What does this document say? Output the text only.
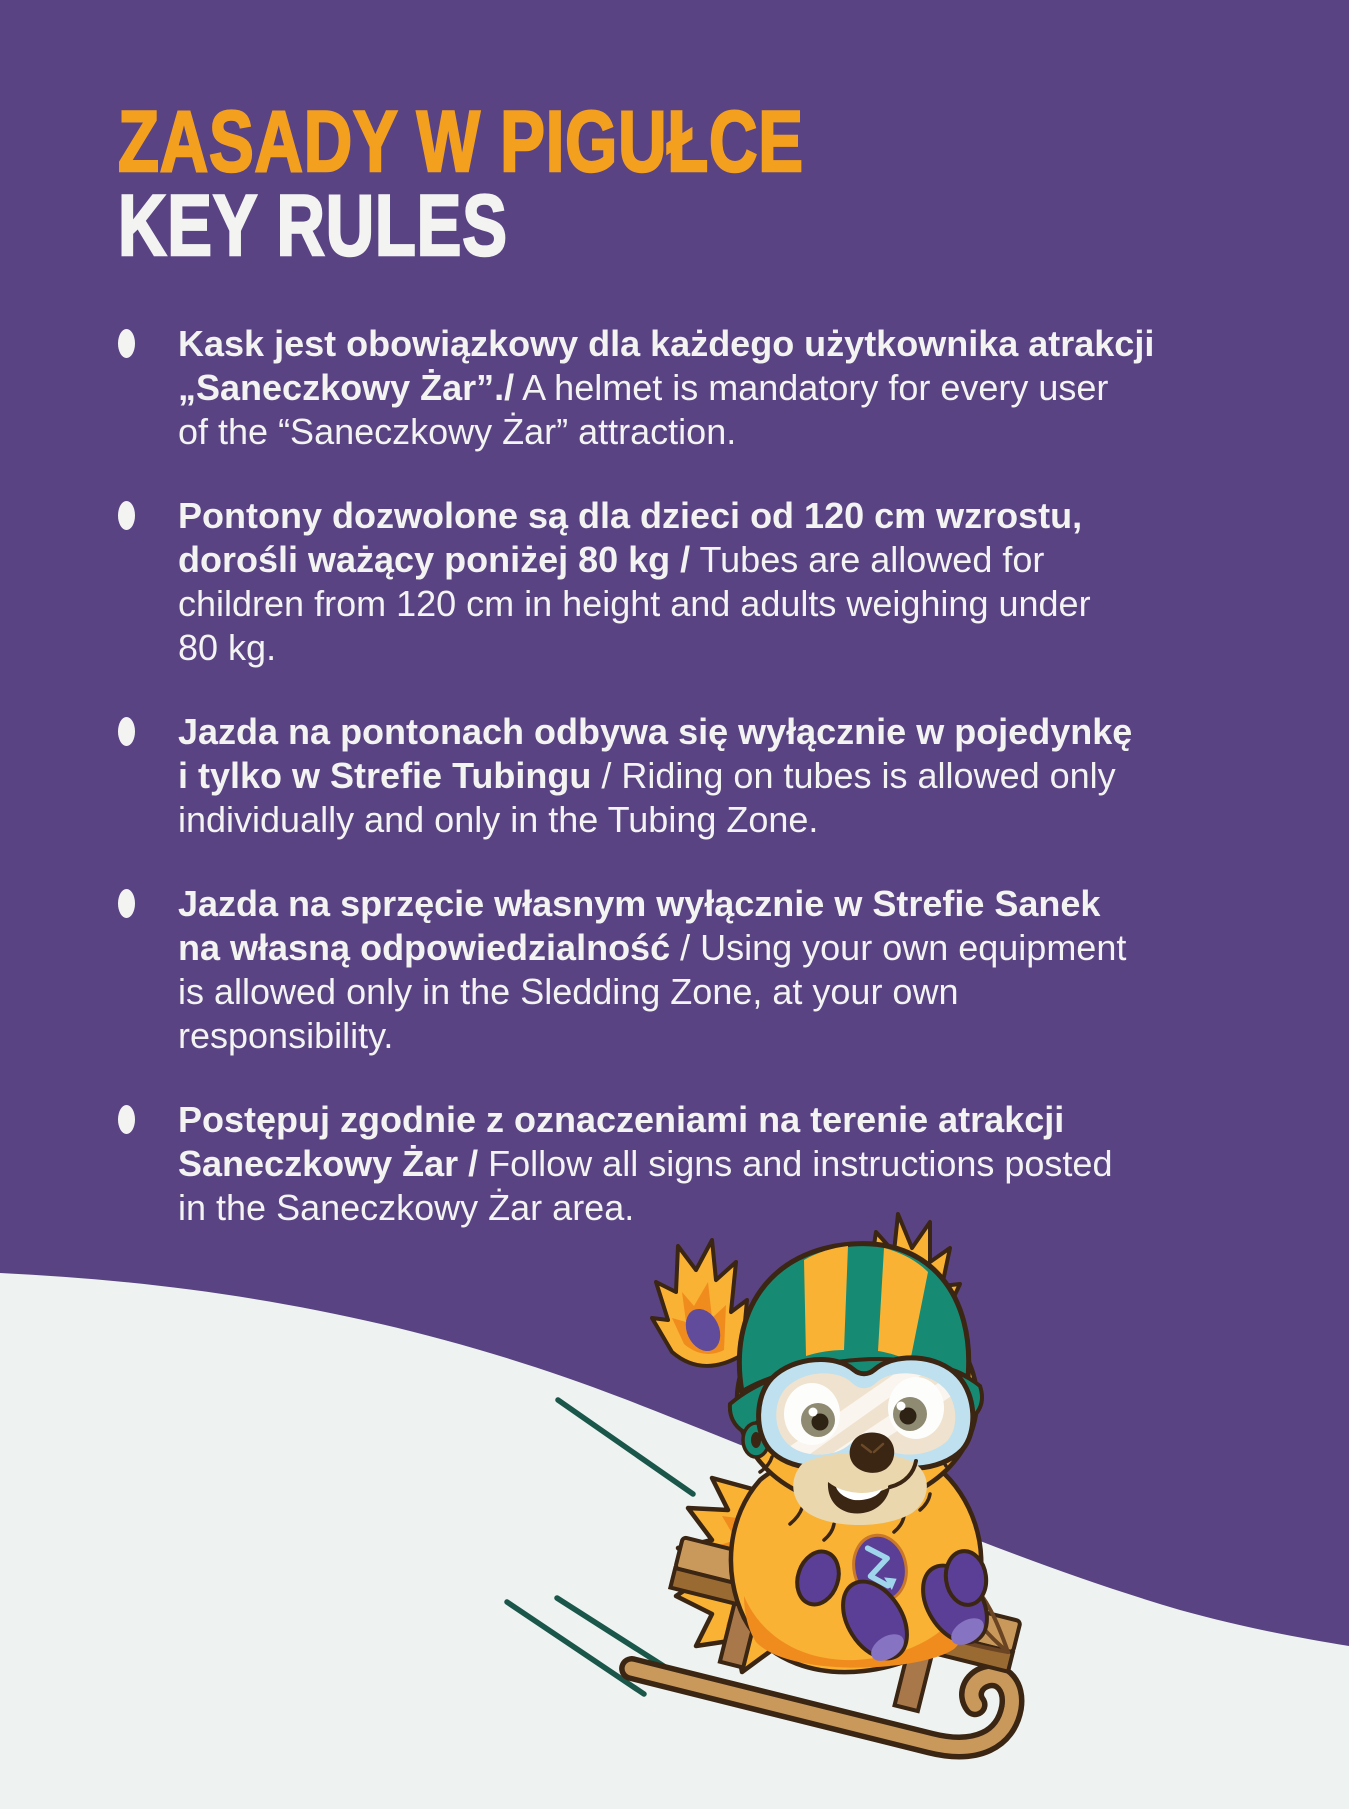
ZASADY W PIGUŁCE
KEY RULES
Kask jest obowiązkowy dla każdego użytkownika atrakcji
„Saneczkowy Żar”./ A helmet is mandatory for every user
of the “Saneczkowy Żar” attraction.
Pontony dozwolone są dla dzieci od 120 cm wzrostu,
dorośli ważący poniżej 80 kg / Tubes are allowed for
children from 120 cm in height and adults weighing under
80 kg.
Jazda na pontonach odbywa się wyłącznie w pojedynkę
i tylko w Strefie Tubingu / Riding on tubes is allowed only
individually and only in the Tubing Zone.
Jazda na sprzęcie własnym wyłącznie w Strefie Sanek
na własną odpowiedzialność / Using your own equipment
is allowed only in the Sledding Zone, at your own
responsibility.
Postępuj zgodnie z oznaczeniami na terenie atrakcji
Saneczkowy Żar / Follow all signs and instructions posted
in the Saneczkowy Żar area.
